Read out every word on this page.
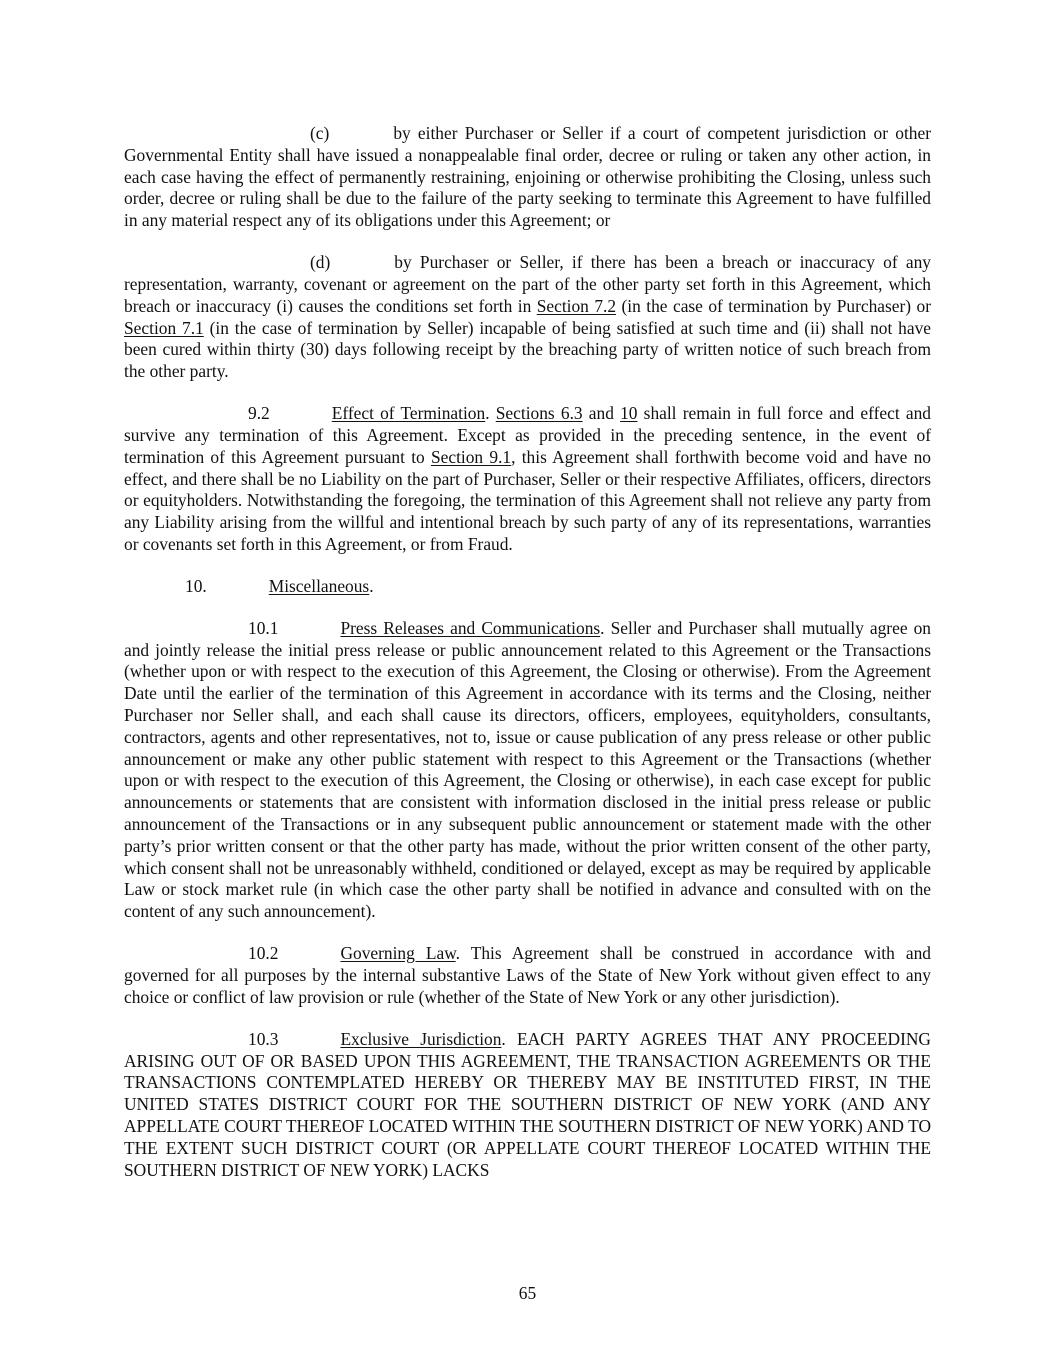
(c)	by either Purchaser or Seller if a court of competent jurisdiction or other Governmental Entity shall have issued a nonappealable final order, decree or ruling or taken any other action, in each case having the effect of permanently restraining, enjoining or otherwise prohibiting the Closing, unless such order, decree or ruling shall be due to the failure of the party seeking to terminate this Agreement to have fulfilled in any material respect any of its obligations under this Agreement; or

(d)	by Purchaser or Seller, if there has been a breach or inaccuracy of any representation, warranty, covenant or agreement on the part of the other party set forth in this Agreement, which breach or inaccuracy (i) causes the conditions set forth in Section 7.2 (in the case of termination by Purchaser) or Section 7.1 (in the case of termination by Seller) incapable of being satisfied at such time and (ii) shall not have been cured within thirty (30) days following receipt by the breaching party of written notice of such breach from the other party.

9.2	Effect of Termination. Sections 6.3 and 10 shall remain in full force and effect and survive any termination of this Agreement. Except as provided in the preceding sentence, in the event of termination of this Agreement pursuant to Section 9.1, this Agreement shall forthwith become void and have no effect, and there shall be no Liability on the part of Purchaser, Seller or their respective Affiliates, officers, directors or equityholders. Notwithstanding the foregoing, the termination of this Agreement shall not relieve any party from any Liability arising from the willful and intentional breach by such party of any of its representations, warranties or covenants set forth in this Agreement, or from Fraud.

10.	Miscellaneous.

10.1	Press Releases and Communications. Seller and Purchaser shall mutually agree on and jointly release the initial press release or public announcement related to this Agreement or the Transactions (whether upon or with respect to the execution of this Agreement, the Closing or otherwise). From the Agreement Date until the earlier of the termination of this Agreement in accordance with its terms and the Closing, neither Purchaser nor Seller shall, and each shall cause its directors, officers, employees, equityholders, consultants, contractors, agents and other representatives, not to, issue or cause publication of any press release or other public announcement or make any other public statement with respect to this Agreement or the Transactions (whether upon or with respect to the execution of this Agreement, the Closing or otherwise), in each case except for public announcements or statements that are consistent with information disclosed in the initial press release or public announcement of the Transactions or in any subsequent public announcement or statement made with the other party’s prior written consent or that the other party has made, without the prior written consent of the other party, which consent shall not be unreasonably withheld, conditioned or delayed, except as may be required by applicable Law or stock market rule (in which case the other party shall be notified in advance and consulted with on the content of any such announcement).

10.2	Governing Law. This Agreement shall be construed in accordance with and governed for all purposes by the internal substantive Laws of the State of New York without given effect to any choice or conflict of law provision or rule (whether of the State of New York or any other jurisdiction).

10.3	Exclusive Jurisdiction. EACH PARTY AGREES THAT ANY PROCEEDING ARISING OUT OF OR BASED UPON THIS AGREEMENT, THE TRANSACTION AGREEMENTS OR THE TRANSACTIONS CONTEMPLATED HEREBY OR THEREBY MAY BE INSTITUTED FIRST, IN THE UNITED STATES DISTRICT COURT FOR THE SOUTHERN DISTRICT OF NEW YORK (AND ANY APPELLATE COURT THEREOF LOCATED WITHIN THE SOUTHERN DISTRICT OF NEW YORK) AND TO THE EXTENT SUCH DISTRICT COURT (OR APPELLATE COURT THEREOF LOCATED WITHIN THE SOUTHERN DISTRICT OF NEW YORK) LACKS

65
